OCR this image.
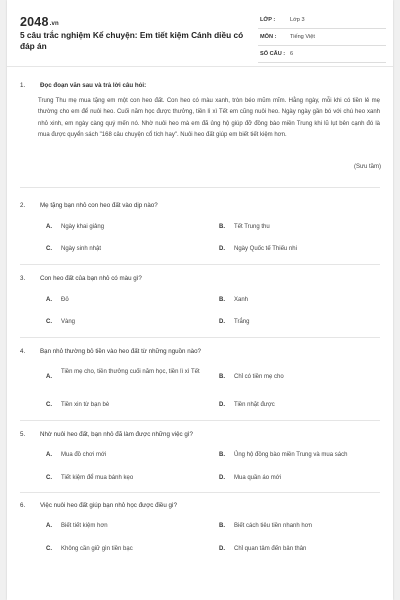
2048.vn
5 câu trắc nghiệm Kể chuyện: Em tiết kiệm Cánh diều có đáp án
LỚP :	Lớp 3
MÔN : Tiếng Việt
SỐ CÂU : 6
1. Đọc đoạn văn sau và trả lời câu hỏi:
Trung Thu mẹ mua tặng em một con heo đất. Con heo có màu xanh, tròn béo mũm mĩm. Hằng ngày, mỗi khi có tiền lẻ mẹ thường cho em để nuôi heo. Cuối năm học được thưởng, tiền lì xì Tết em cũng nuôi heo. Ngày ngày gần bó với chú heo xanh nhỏ xinh, em ngày càng quý mến nó. Nhờ nuôi heo mà em đã ủng hộ giúp đỡ đồng bào miền Trung khi lũ lụt bên cạnh đó là mua được quyển sách "168 câu chuyện cổ tích hay". Nuôi heo đất giúp em biết tiết kiệm hơn.
(Sưu tầm)
2. Mẹ tặng bạn nhỏ con heo đất vào dịp nào?
A. Ngày khai giảng	B. Tết Trung thu
C. Ngày sinh nhật	D. Ngày Quốc tế Thiếu nhi
3. Con heo đất của bạn nhỏ có màu gì?
A. Đỏ	B. Xanh
C. Vàng	D. Trắng
4. Bạn nhỏ thường bỏ tiền vào heo đất từ những nguồn nào?
A.
Tiền mẹ cho, tiền thưởng cuối năm học, tiền lì xì Tết
B. Chỉ có tiền mẹ cho
C. Tiền xin từ bạn bè	D. Tiền nhặt được
5. Nhờ nuôi heo đất, bạn nhỏ đã làm được những việc gì?
A. Mua đồ chơi mới	B. Ủng hộ đồng bào miền Trung và mua sách
C. Tiết kiệm để mua bánh kẹo	D. Mua quần áo mới
6. Việc nuôi heo đất giúp bạn nhỏ học được điều gì?
A. Biết tiết kiệm hơn	B. Biết cách tiêu tiền nhanh hơn
C. Không cần giữ gìn tiền bạc	D. Chỉ quan tâm đến bản thân
